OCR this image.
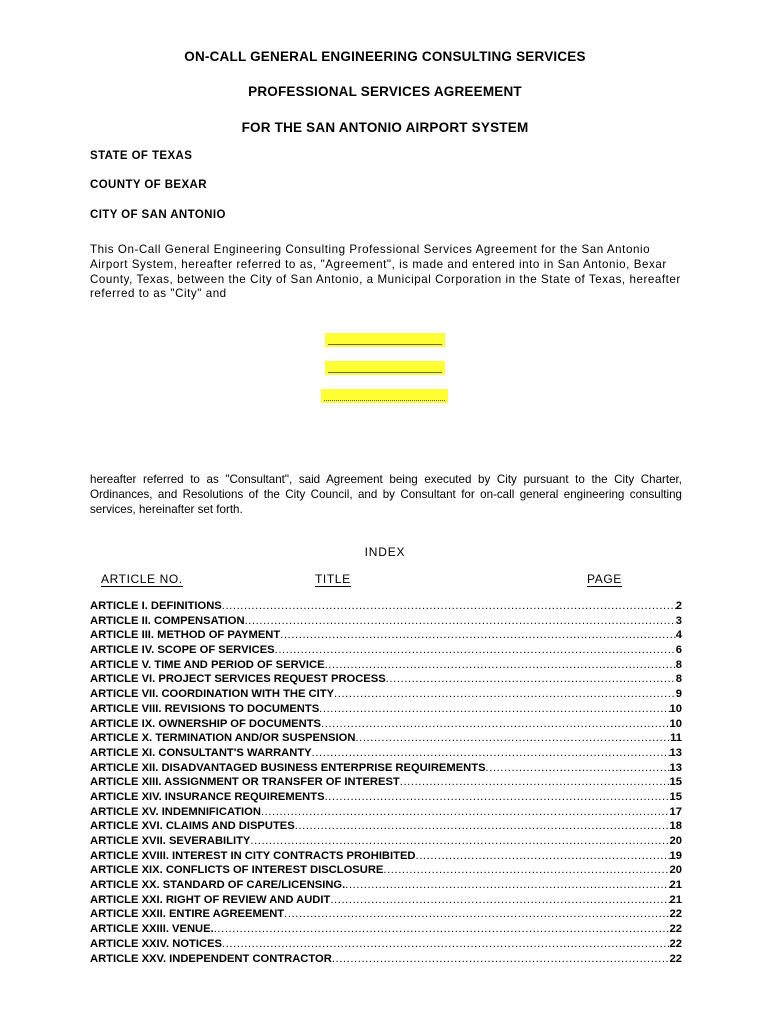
ON-CALL GENERAL ENGINEERING CONSULTING SERVICES
PROFESSIONAL SERVICES AGREEMENT
FOR THE SAN ANTONIO AIRPORT SYSTEM
STATE OF TEXAS
COUNTY OF BEXAR
CITY OF SAN ANTONIO
This On-Call General Engineering Consulting Professional Services Agreement for the San Antonio Airport System, hereafter referred to as, "Agreement", is made and entered into in San Antonio, Bexar County, Texas, between the City of San Antonio, a Municipal Corporation in the State of Texas, hereafter referred to as "City" and
hereafter referred to as "Consultant", said Agreement being executed by City pursuant to the City Charter, Ordinances, and Resolutions of the City Council, and by Consultant for on-call general engineering consulting services, hereinafter set forth.
INDEX
ARTICLE NO.	TITLE	PAGE
ARTICLE I. DEFINITIONS .....	2
ARTICLE II. COMPENSATION .....	3
ARTICLE III. METHOD OF PAYMENT .....	4
ARTICLE IV. SCOPE OF SERVICES .....	6
ARTICLE V. TIME AND PERIOD OF SERVICE .....	8
ARTICLE VI. PROJECT SERVICES REQUEST PROCESS .....	8
ARTICLE VII. COORDINATION WITH THE CITY .....	9
ARTICLE VIII. REVISIONS TO DOCUMENTS .....	10
ARTICLE IX. OWNERSHIP OF DOCUMENTS .....	10
ARTICLE X. TERMINATION AND/OR SUSPENSION .....	11
ARTICLE XI. CONSULTANT'S WARRANTY .....	13
ARTICLE XII. DISADVANTAGED BUSINESS ENTERPRISE REQUIREMENTS .....	13
ARTICLE XIII. ASSIGNMENT OR TRANSFER OF INTEREST .....	15
ARTICLE XIV. INSURANCE REQUIREMENTS .....	15
ARTICLE XV. INDEMNIFICATION .....	17
ARTICLE XVI. CLAIMS AND DISPUTES .....	18
ARTICLE XVII. SEVERABILITY .....	20
ARTICLE XVIII. INTEREST IN CITY CONTRACTS PROHIBITED .....	19
ARTICLE XIX. CONFLICTS OF INTEREST DISCLOSURE .....	20
ARTICLE XX. STANDARD OF CARE/LICENSING. .....	21
ARTICLE XXI. RIGHT OF REVIEW AND AUDIT .....	21
ARTICLE XXII. ENTIRE AGREEMENT .....	22
ARTICLE XXIII. VENUE. .....	22
ARTICLE XXIV. NOTICES .....	22
ARTICLE XXV. INDEPENDENT CONTRACTOR .....	22
